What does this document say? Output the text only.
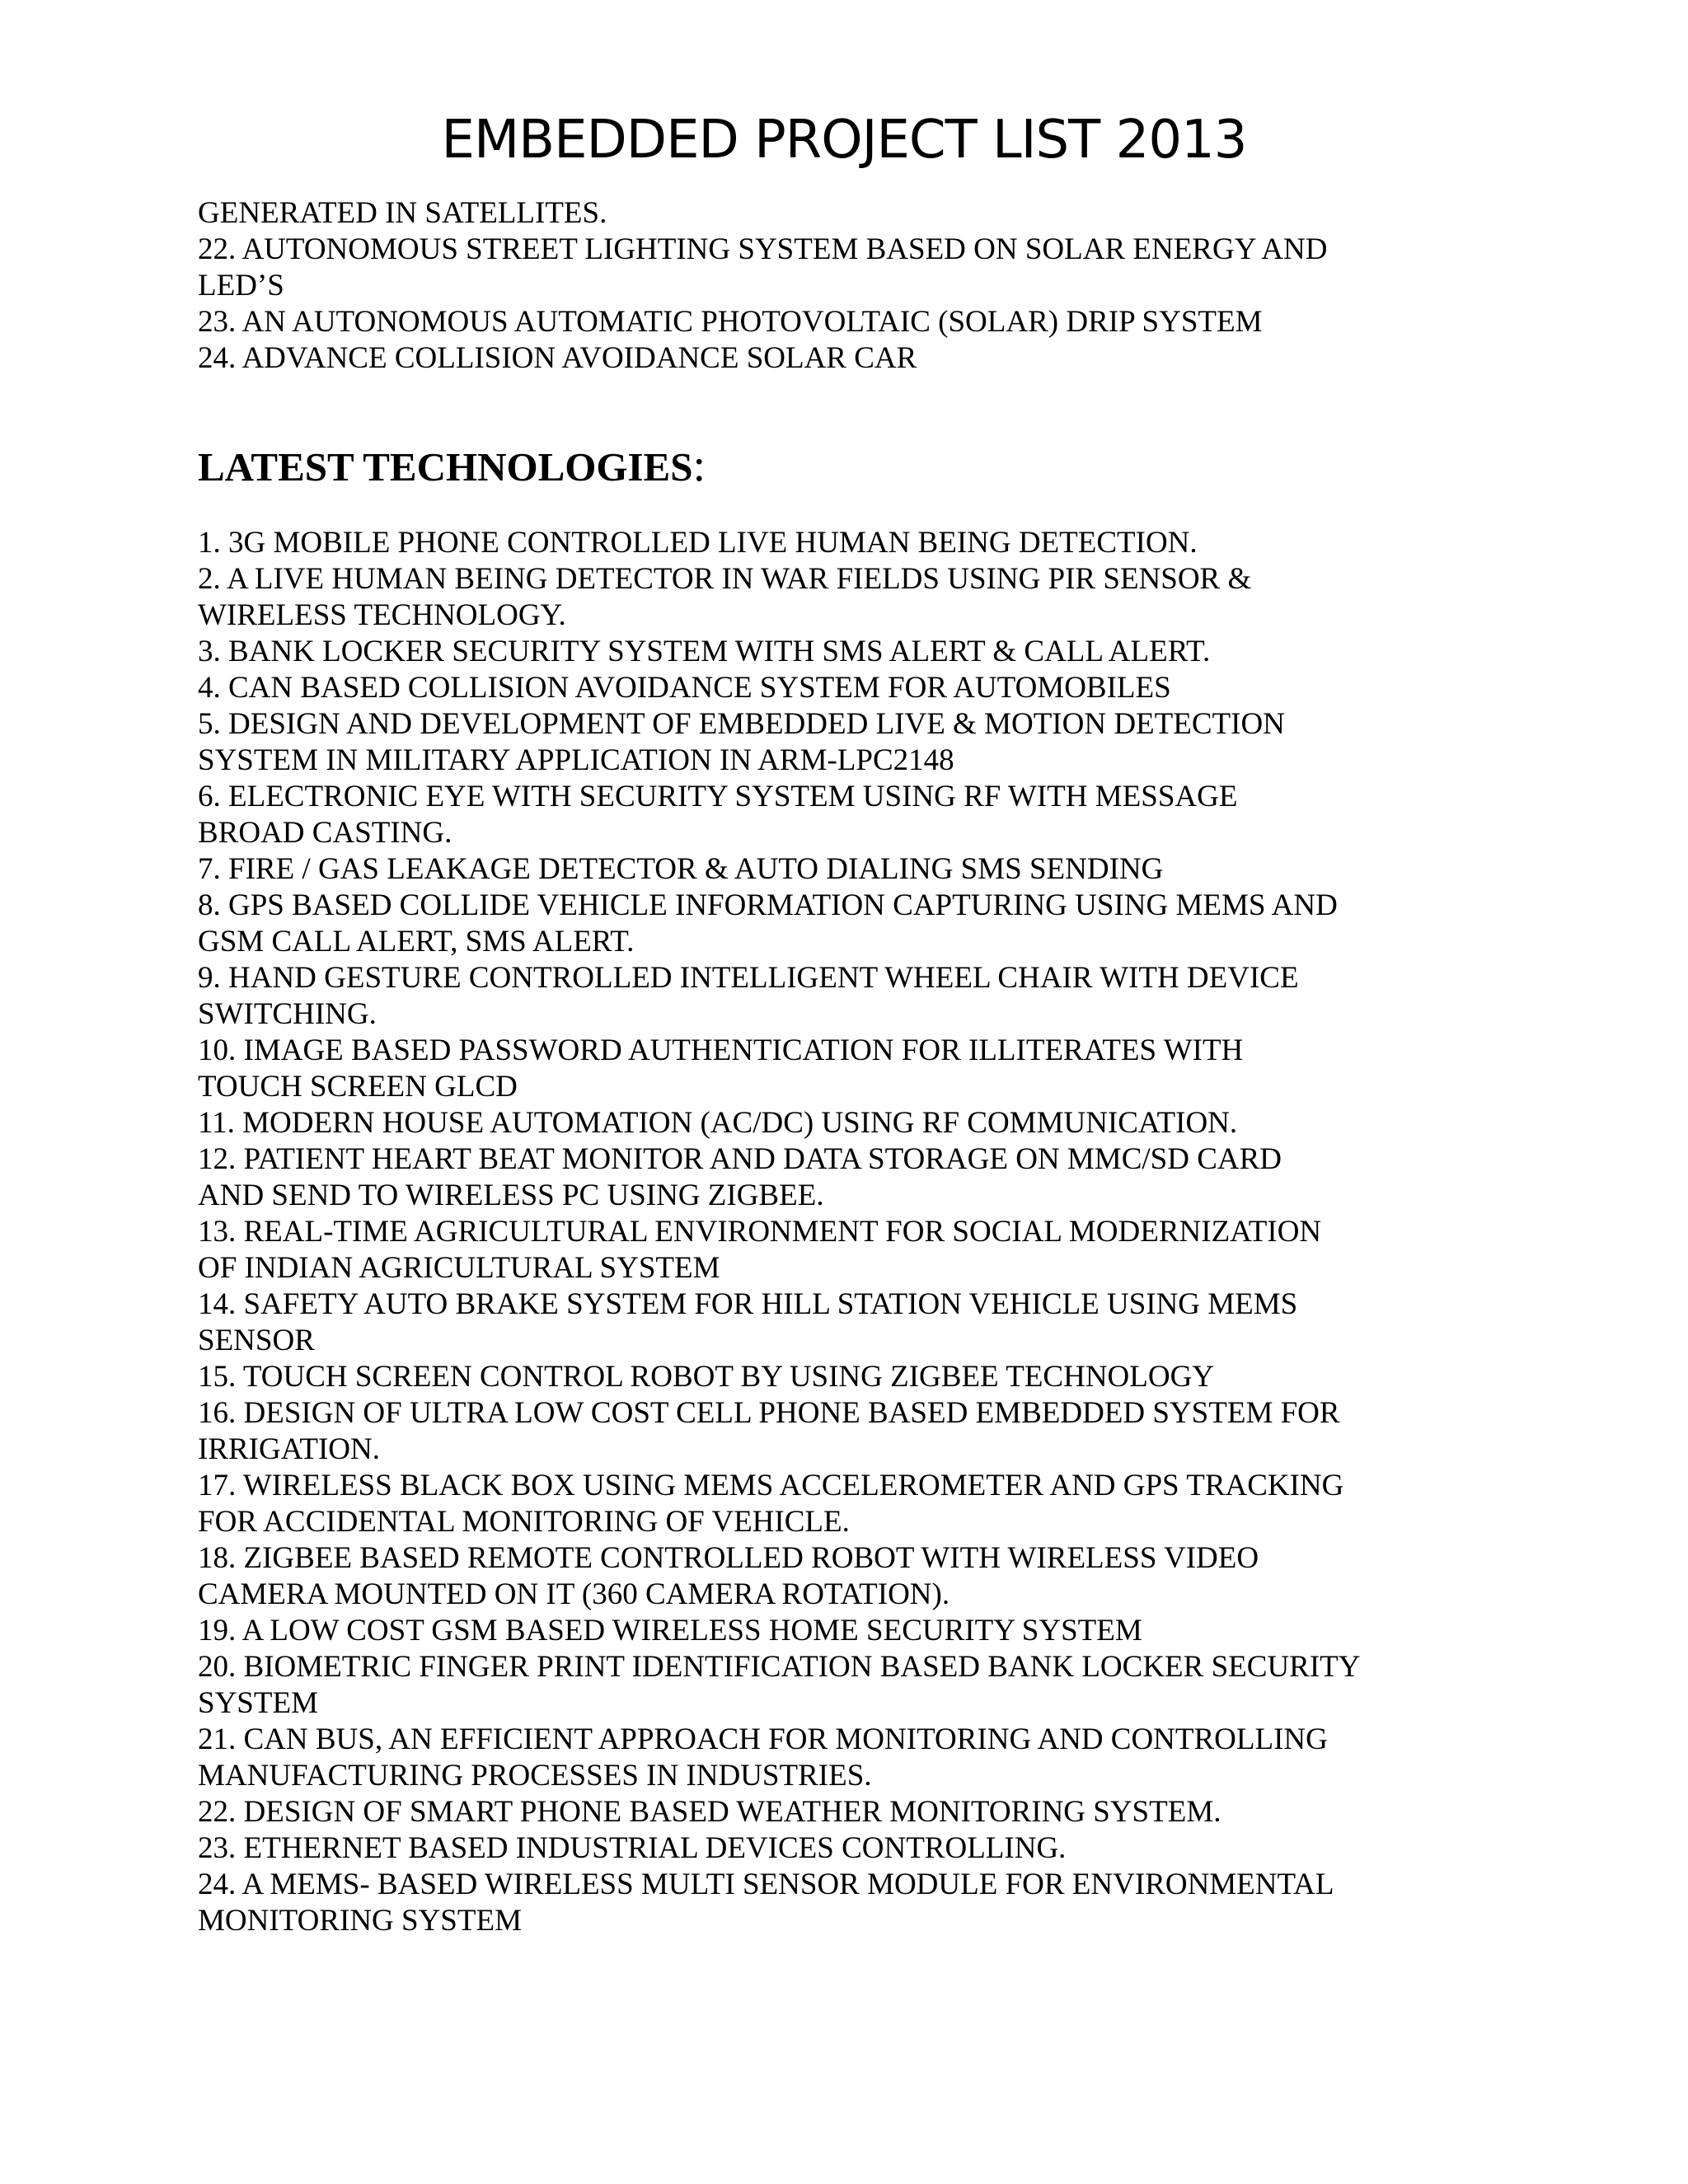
EMBEDDED PROJECT LIST 2013
GENERATED IN SATELLITES.
22. AUTONOMOUS STREET LIGHTING SYSTEM BASED ON SOLAR ENERGY AND
LED’S
23. AN AUTONOMOUS AUTOMATIC PHOTOVOLTAIC (SOLAR) DRIP SYSTEM
24. ADVANCE COLLISION AVOIDANCE SOLAR CAR
LATEST TECHNOLOGIES:
1. 3G MOBILE PHONE CONTROLLED LIVE HUMAN BEING DETECTION.
2. A LIVE HUMAN BEING DETECTOR IN WAR FIELDS USING PIR SENSOR &
WIRELESS TECHNOLOGY.
3. BANK LOCKER SECURITY SYSTEM WITH SMS ALERT & CALL ALERT.
4. CAN BASED COLLISION AVOIDANCE SYSTEM FOR AUTOMOBILES
5. DESIGN AND DEVELOPMENT OF EMBEDDED LIVE & MOTION DETECTION
SYSTEM IN MILITARY APPLICATION IN ARM-LPC2148
6. ELECTRONIC EYE WITH SECURITY SYSTEM USING RF WITH MESSAGE
BROAD CASTING.
7. FIRE / GAS LEAKAGE DETECTOR & AUTO DIALING SMS SENDING
8. GPS BASED COLLIDE VEHICLE INFORMATION CAPTURING USING MEMS AND
GSM CALL ALERT, SMS ALERT.
9. HAND GESTURE CONTROLLED INTELLIGENT WHEEL CHAIR WITH DEVICE
SWITCHING.
10. IMAGE BASED PASSWORD AUTHENTICATION FOR ILLITERATES WITH
TOUCH SCREEN GLCD
11. MODERN HOUSE AUTOMATION (AC/DC) USING RF COMMUNICATION.
12. PATIENT HEART BEAT MONITOR AND DATA STORAGE ON MMC/SD CARD
AND SEND TO WIRELESS PC USING ZIGBEE.
13. REAL-TIME AGRICULTURAL ENVIRONMENT FOR SOCIAL MODERNIZATION
OF INDIAN AGRICULTURAL SYSTEM
14. SAFETY AUTO BRAKE SYSTEM FOR HILL STATION VEHICLE USING MEMS
SENSOR
15. TOUCH SCREEN CONTROL ROBOT BY USING ZIGBEE TECHNOLOGY
16. DESIGN OF ULTRA LOW COST CELL PHONE BASED EMBEDDED SYSTEM FOR
IRRIGATION.
17. WIRELESS BLACK BOX USING MEMS ACCELEROMETER AND GPS TRACKING
FOR ACCIDENTAL MONITORING OF VEHICLE.
18. ZIGBEE BASED REMOTE CONTROLLED ROBOT WITH WIRELESS VIDEO
CAMERA MOUNTED ON IT (360 CAMERA ROTATION).
19. A LOW COST GSM BASED WIRELESS HOME SECURITY SYSTEM
20. BIOMETRIC FINGER PRINT IDENTIFICATION BASED BANK LOCKER SECURITY
SYSTEM
21. CAN BUS, AN EFFICIENT APPROACH FOR MONITORING AND CONTROLLING
MANUFACTURING PROCESSES IN INDUSTRIES.
22. DESIGN OF SMART PHONE BASED WEATHER MONITORING SYSTEM.
23. ETHERNET BASED INDUSTRIAL DEVICES CONTROLLING.
24. A MEMS- BASED WIRELESS MULTI SENSOR MODULE FOR ENVIRONMENTAL
MONITORING SYSTEM
